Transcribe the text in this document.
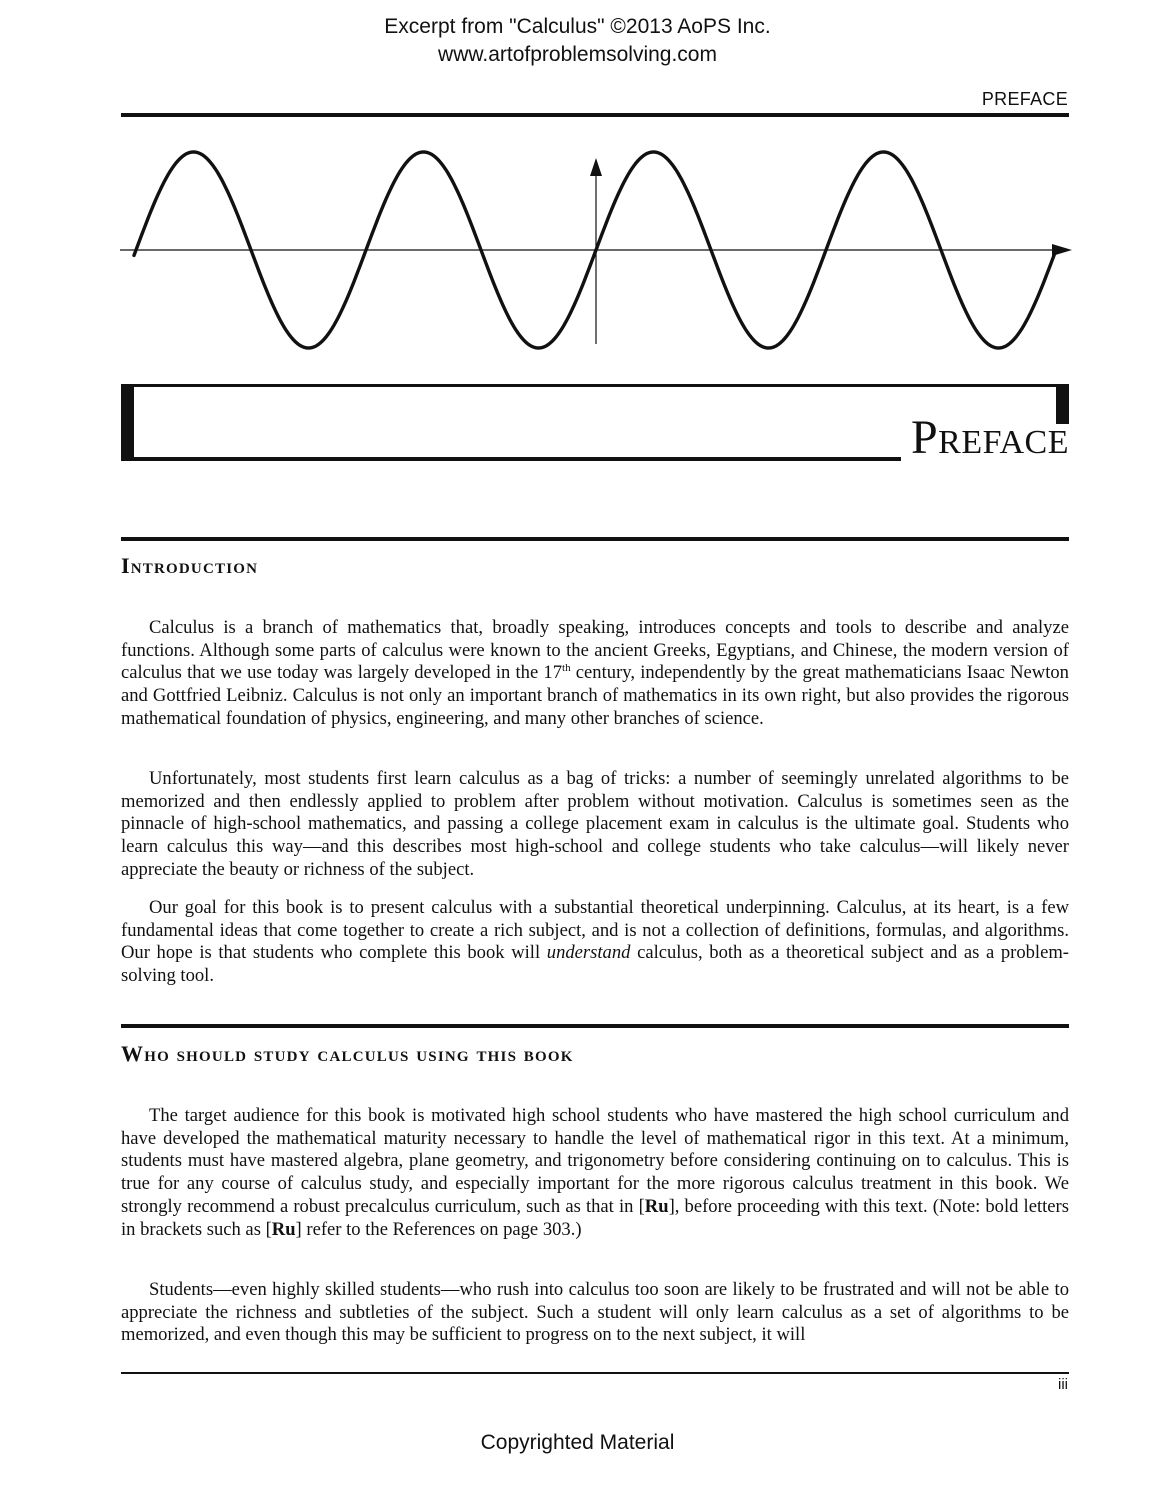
Excerpt from "Calculus" ©2013 AoPS Inc.
www.artofproblemsolving.com
PREFACE
Preface
Introduction

Calculus is a branch of mathematics that, broadly speaking, introduces concepts and tools to describe and analyze functions. Although some parts of calculus were known to the ancient Greeks, Egyptians, and Chinese, the modern version of calculus that we use today was largely developed in the 17th century, independently by the great mathematicians Isaac Newton and Gottfried Leibniz. Calculus is not only an important branch of mathematics in its own right, but also provides the rigorous mathematical foundation of physics, engineering, and many other branches of science.

Unfortunately, most students first learn calculus as a bag of tricks: a number of seemingly unrelated algorithms to be memorized and then endlessly applied to problem after problem without motivation. Calculus is sometimes seen as the pinnacle of high-school mathematics, and passing a college placement exam in calculus is the ultimate goal. Students who learn calculus this way—and this describes most high-school and college students who take calculus—will likely never appreciate the beauty or richness of the subject.

Our goal for this book is to present calculus with a substantial theoretical underpinning. Calculus, at its heart, is a few fundamental ideas that come together to create a rich subject, and is not a collection of definitions, formulas, and algorithms. Our hope is that students who complete this book will understand calculus, both as a theoretical subject and as a problem-solving tool.

Who should study calculus using this book

The target audience for this book is motivated high school students who have mastered the high school curriculum and have developed the mathematical maturity necessary to handle the level of mathematical rigor in this text. At a minimum, students must have mastered algebra, plane geometry, and trigonometry before considering continuing on to calculus. This is true for any course of calculus study, and especially important for the more rigorous calculus treatment in this book. We strongly recommend a robust precalculus curriculum, such as that in [Ru], before proceeding with this text. (Note: bold letters in brackets such as [Ru] refer to the References on page 303.)

Students—even highly skilled students—who rush into calculus too soon are likely to be frustrated and will not be able to appreciate the richness and subtleties of the subject. Such a student will only learn calculus as a set of algorithms to be memorized, and even though this may be sufficient to progress on to the next subject, it will

iii
Copyrighted Material
